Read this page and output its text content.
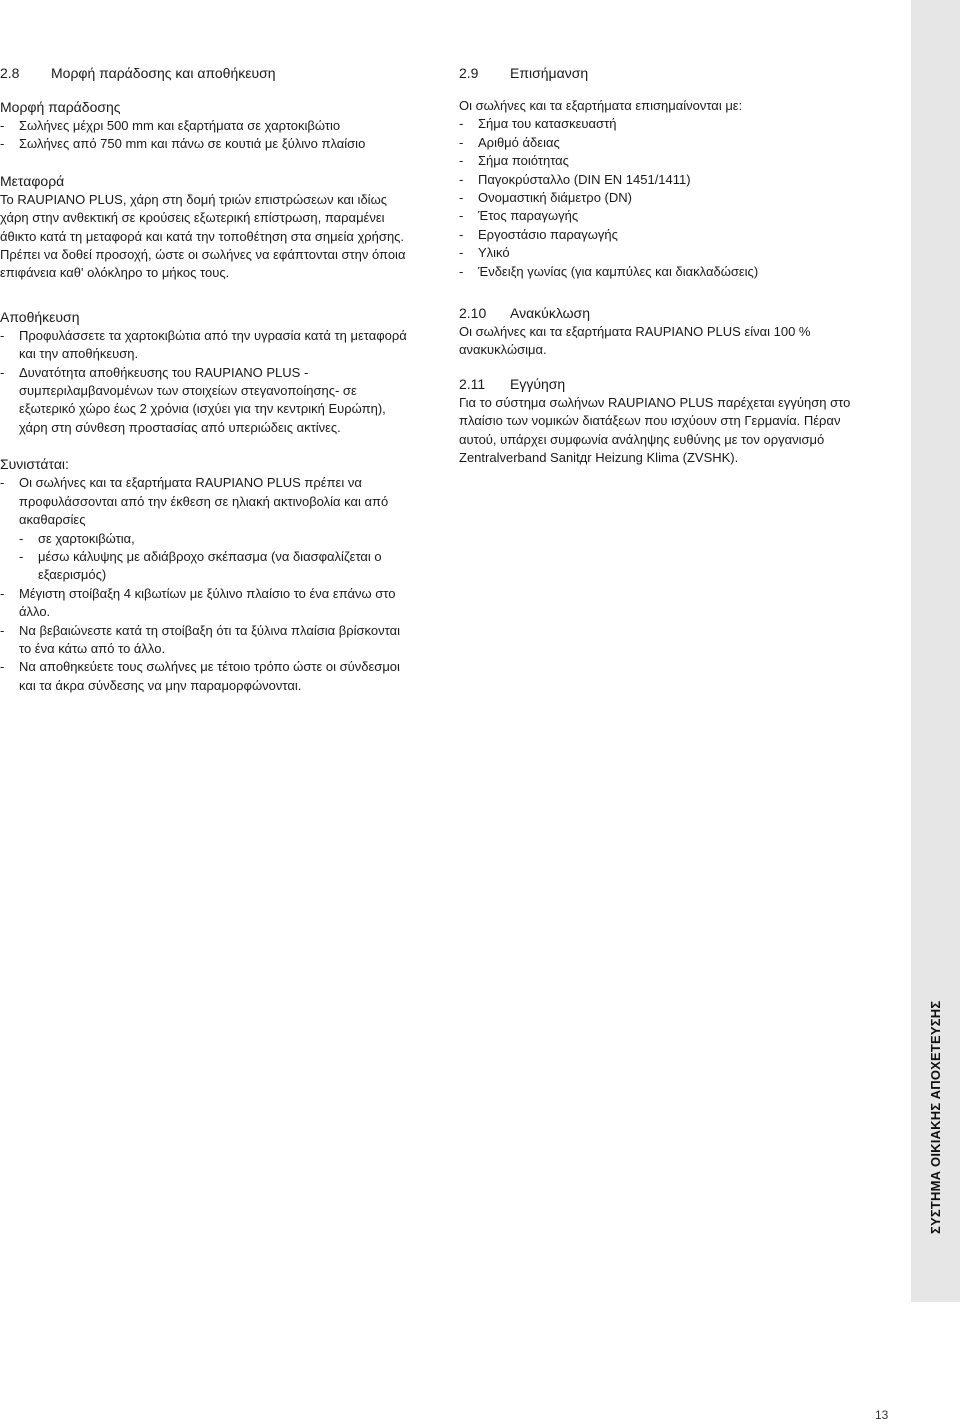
2.8	Μορφή παράδοσης και αποθήκευση
Μορφή παράδοσης
-	Σωλήνες μέχρι 500 mm και εξαρτήματα σε χαρτοκιβώτιο
-	Σωλήνες από 750 mm και πάνω σε κουτιά με ξύλινο πλαίσιο
Μεταφορά
Το RAUPIANO PLUS, χάρη στη δομή τριών επιστρώσεων και ιδίως
χάρη στην ανθεκτική σε κρούσεις εξωτερική επίστρωση, παραμένει
άθικτο κατά τη μεταφορά και κατά την τοποθέτηση στα σημεία χρήσης.
Πρέπει να δοθεί προσοχή, ώστε οι σωλήνες να εφάπτονται στην όποια
επιφάνεια καθ' ολόκληρο το μήκος τους.
Αποθήκευση
-	Προφυλάσσετε τα χαρτοκιβώτια από την υγρασία κατά τη μεταφορά
και την αποθήκευση.
-	Δυνατότητα αποθήκευσης του RAUPIANO PLUS -
συμπεριλαμβανομένων των στοιχείων στεγανοποίησης- σε
εξωτερικό χώρο έως 2 χρόνια (ισχύει για την κεντρική Ευρώπη),
χάρη στη σύνθεση προστασίας από υπεριώδεις ακτίνες.
Συνιστάται:
-	Οι σωλήνες και τα εξαρτήματα RAUPIANO PLUS πρέπει να
προφυλάσσονται από την έκθεση σε ηλιακή ακτινοβολία και από
ακαθαρσίες
-	σε χαρτοκιβώτια,
-	μέσω κάλυψης με αδιάβροχο σκέπασμα (να διασφαλίζεται ο
εξαερισμός)
-	Μέγιστη στοίβαξη 4 κιβωτίων με ξύλινο πλαίσιο το ένα επάνω στο
άλλο.
-	Να βεβαιώνεστε κατά τη στοίβαξη ότι τα ξύλινα πλαίσια βρίσκονται
το ένα κάτω από το άλλο.
-	Να αποθηκεύετε τους σωλήνες με τέτοιο τρόπο ώστε οι σύνδεσμοι
και τα άκρα σύνδεσης να μην παραμορφώνονται.
2.9	Επισήμανση
Οι σωλήνες και τα εξαρτήματα επισημαίνονται με:
-	Σήμα του κατασκευαστή
-	Αριθμό άδειας
-	Σήμα ποιότητας
-	Παγοκρύσταλλο (DIN EN 1451/1411)
-	Ονομαστική διάμετρο (DN)
-	Έτος παραγωγής
-	Εργοστάσιο παραγωγής
-	Υλικό
-	Ένδειξη γωνίας (για καμπύλες και διακλαδώσεις)
2.10	Ανακύκλωση
Οι σωλήνες και τα εξαρτήματα RAUPIANO PLUS είναι 100 %
ανακυκλώσιμα.
2.11	Εγγύηση
Για το σύστημα σωλήνων RAUPIANO PLUS παρέχεται εγγύηση στο
πλαίσιο των νομικών διατάξεων που ισχύουν στη Γερμανία. Πέραν
αυτού, υπάρχει συμφωνία ανάληψης ευθύνης με τον οργανισμό
Zentralverband Sanitдr Heizung Klima (ZVSHK).
ΣΥΣΤΗΜΑ ΟΙΚΙΑΚΗΣ ΑΠΟΧΕΤΕΥΣΗΣ
13
